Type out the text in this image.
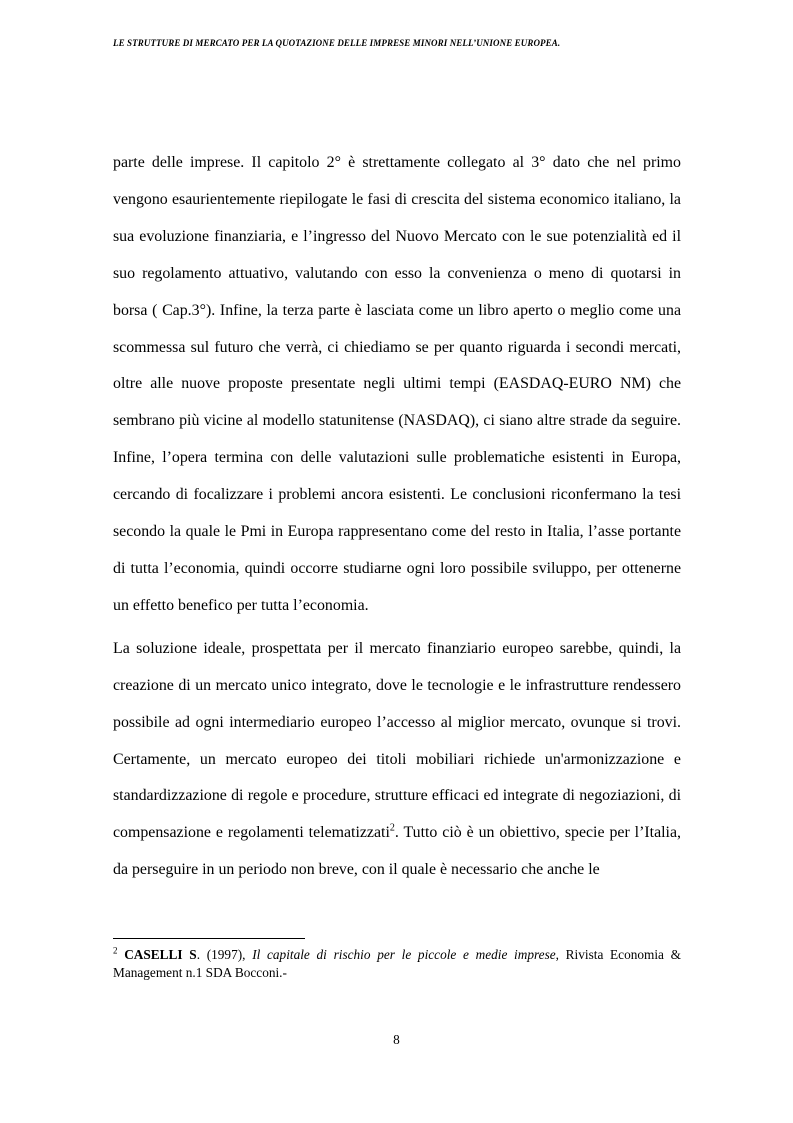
LE STRUTTURE DI MERCATO PER LA QUOTAZIONE DELLE IMPRESE MINORI NELL’UNIONE EUROPEA.

parte delle imprese. Il capitolo 2° è strettamente collegato al 3° dato che nel primo vengono esaurientemente riepilogate le fasi di crescita del sistema economico italiano, la sua evoluzione finanziaria, e l’ingresso del Nuovo Mercato con le sue potenzialità ed il suo regolamento attuativo, valutando con esso la convenienza o meno di quotarsi in borsa ( Cap.3°). Infine, la terza parte è lasciata come un libro aperto o meglio come una scommessa sul futuro che verrà, ci chiediamo se per quanto riguarda i secondi mercati, oltre alle nuove proposte presentate negli ultimi tempi (EASDAQ-EURO NM) che sembrano più vicine al modello statunitense (NASDAQ), ci siano altre strade da seguire. Infine, l’opera termina con delle valutazioni sulle problematiche esistenti in Europa, cercando di focalizzare i problemi ancora esistenti. Le conclusioni riconfermano la tesi secondo la quale le Pmi in Europa rappresentano come del resto in Italia, l’asse portante di tutta l’economia, quindi occorre studiarne ogni loro possibile sviluppo, per ottenerne un effetto benefico per tutta l’economia.

La soluzione ideale, prospettata per il mercato finanziario europeo sarebbe, quindi, la creazione di un mercato unico integrato, dove le tecnologie e le infrastrutture rendessero possibile ad ogni intermediario europeo l’accesso al miglior mercato, ovunque si trovi. Certamente, un mercato europeo dei titoli mobiliari richiede un'armonizzazione e standardizzazione di regole e procedure, strutture efficaci ed integrate di negoziazioni, di compensazione e regolamenti telematizzati$^2$. Tutto ciò è un obiettivo, specie per l’Italia, da perseguire in un periodo non breve, con il quale è necessario che anche le

$^2$ CASELLI S. (1997), Il capitale di rischio per le piccole e medie imprese, Rivista Economia & Management n.1 SDA Bocconi.-
8
